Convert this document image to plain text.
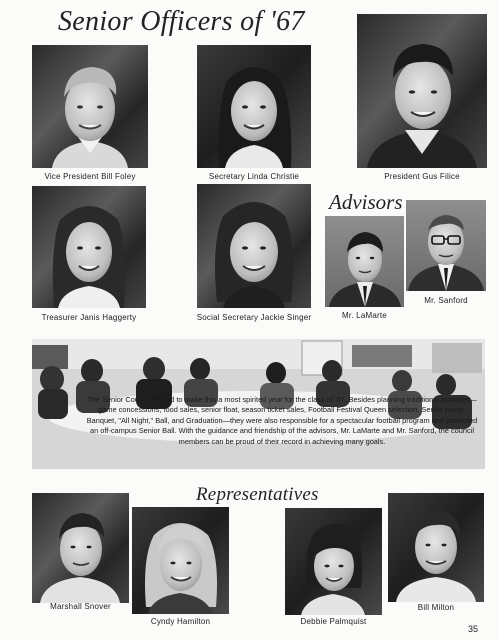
Senior Officers of '67
Vice President Bill Foley	Secretary Linda Christie	President Gus Filice
Treasurer Janis Haggerty	Social Secretary Jackie Singer
Advisors
Mr. LaMarte
Mr. Sanford
The Senior Council helped to make this a most spirited year for the class of '67. Besides planning traditional activities—game concessions, food sales, senior float, season ticket sales, Football Festival Queen selection, Senior picnic, Banquet, "All Night," Ball, and Graduation—they were also responsible for a spectacular football program and promoted an off-campus Senior Ball. With the guidance and friendship of the advisors, Mr. LaMarte and Mr. Sanford, the council members can be proud of their record in achieving many goals.
Representatives
Marshall Snover
Cyndy Hamilton	Debbie Palmquist
Bill Milton
35
